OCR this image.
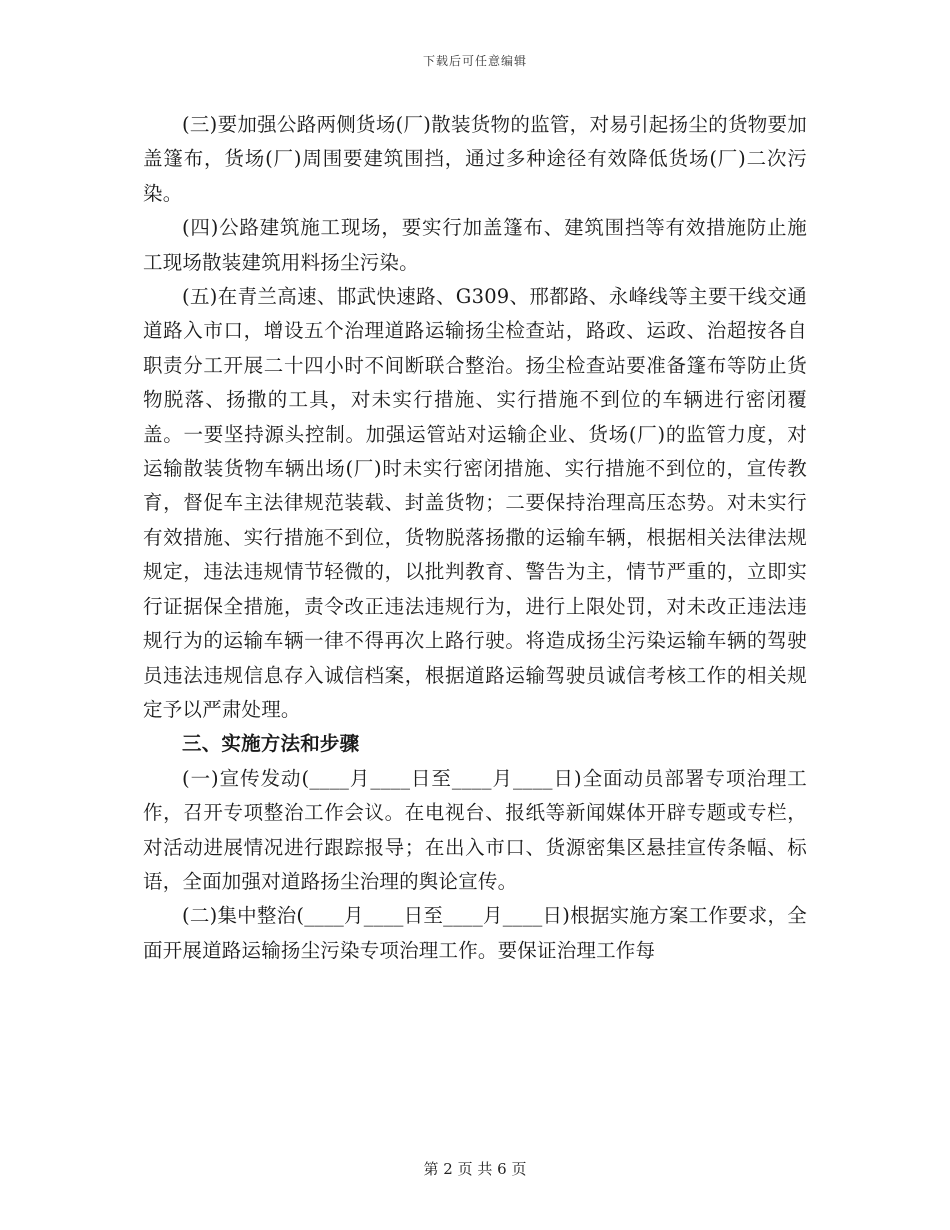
下载后可任意编辑

(三)要加强公路两侧货场(厂)散装货物的监管，对易引起扬尘的货物要加盖篷布，货场(厂)周围要建筑围挡，通过多种途径有效降低货场(厂)二次污染。

(四)公路建筑施工现场，要实行加盖篷布、建筑围挡等有效措施防止施工现场散装建筑用料扬尘污染。

(五)在青兰高速、邯武快速路、G309、邢都路、永峰线等主要干线交通道路入市口，增设五个治理道路运输扬尘检查站，路政、运政、治超按各自职责分工开展二十四小时不间断联合整治。扬尘检查站要准备篷布等防止货物脱落、扬撒的工具，对未实行措施、实行措施不到位的车辆进行密闭覆盖。一要坚持源头控制。加强运管站对运输企业、货场(厂)的监管力度，对运输散装货物车辆出场(厂)时未实行密闭措施、实行措施不到位的，宣传教育，督促车主法律规范装载、封盖货物；二要保持治理高压态势。对未实行有效措施、实行措施不到位，货物脱落扬撒的运输车辆，根据相关法律法规规定，违法违规情节轻微的，以批判教育、警告为主，情节严重的，立即实行证据保全措施，责令改正违法违规行为，进行上限处罚，对未改正违法违规行为的运输车辆一律不得再次上路行驶。将造成扬尘污染运输车辆的驾驶员违法违规信息存入诚信档案，根据道路运输驾驶员诚信考核工作的相关规定予以严肃处理。

三、实施方法和步骤

(一)宣传发动(____月____日至____月____日)全面动员部署专项治理工作，召开专项整治工作会议。在电视台、报纸等新闻媒体开辟专题或专栏，对活动进展情况进行跟踪报导；在出入市口、货源密集区悬挂宣传条幅、标语，全面加强对道路扬尘治理的舆论宣传。

(二)集中整治(____月____日至____月____日)根据实施方案工作要求，全面开展道路运输扬尘污染专项治理工作。要保证治理工作每

第 2 页 共 6 页
